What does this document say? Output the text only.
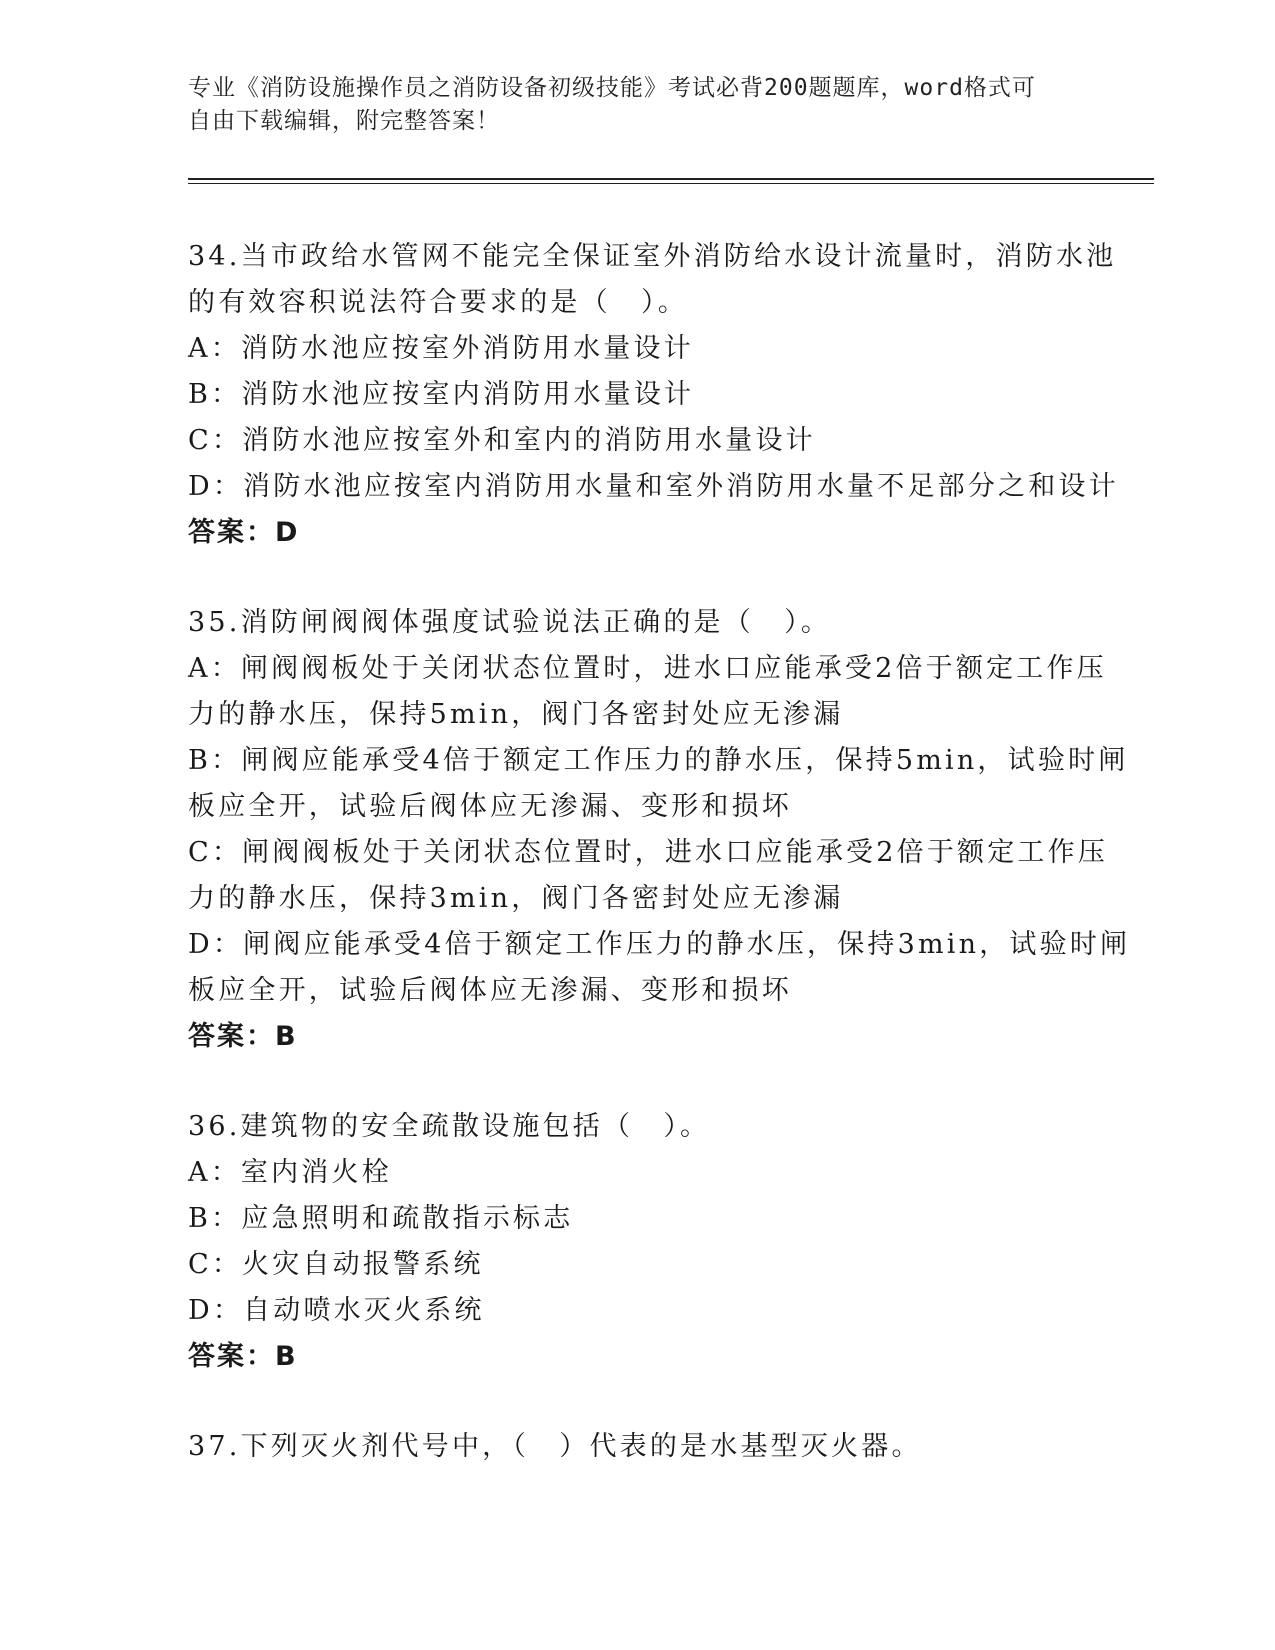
专业《消防设施操作员之消防设备初级技能》考试必背200题题库，word格式可
自由下载编辑，附完整答案！
34.当市政给水管网不能完全保证室外消防给水设计流量时，消防水池
的有效容积说法符合要求的是（　）。
A：消防水池应按室外消防用水量设计
B：消防水池应按室内消防用水量设计
C：消防水池应按室外和室内的消防用水量设计
D：消防水池应按室内消防用水量和室外消防用水量不足部分之和设计
答案：D
35.消防闸阀阀体强度试验说法正确的是（　）。
A：闸阀阀板处于关闭状态位置时，进水口应能承受2倍于额定工作压
力的静水压，保持5min，阀门各密封处应无渗漏
B：闸阀应能承受4倍于额定工作压力的静水压，保持5min，试验时闸
板应全开，试验后阀体应无渗漏、变形和损坏
C：闸阀阀板处于关闭状态位置时，进水口应能承受2倍于额定工作压
力的静水压，保持3min，阀门各密封处应无渗漏
D：闸阀应能承受4倍于额定工作压力的静水压，保持3min，试验时闸
板应全开，试验后阀体应无渗漏、变形和损坏
答案：B
36.建筑物的安全疏散设施包括（　）。
A：室内消火栓
B：应急照明和疏散指示标志
C：火灾自动报警系统
D：自动喷水灭火系统
答案：B
37.下列灭火剂代号中，（　）代表的是水基型灭火器。
